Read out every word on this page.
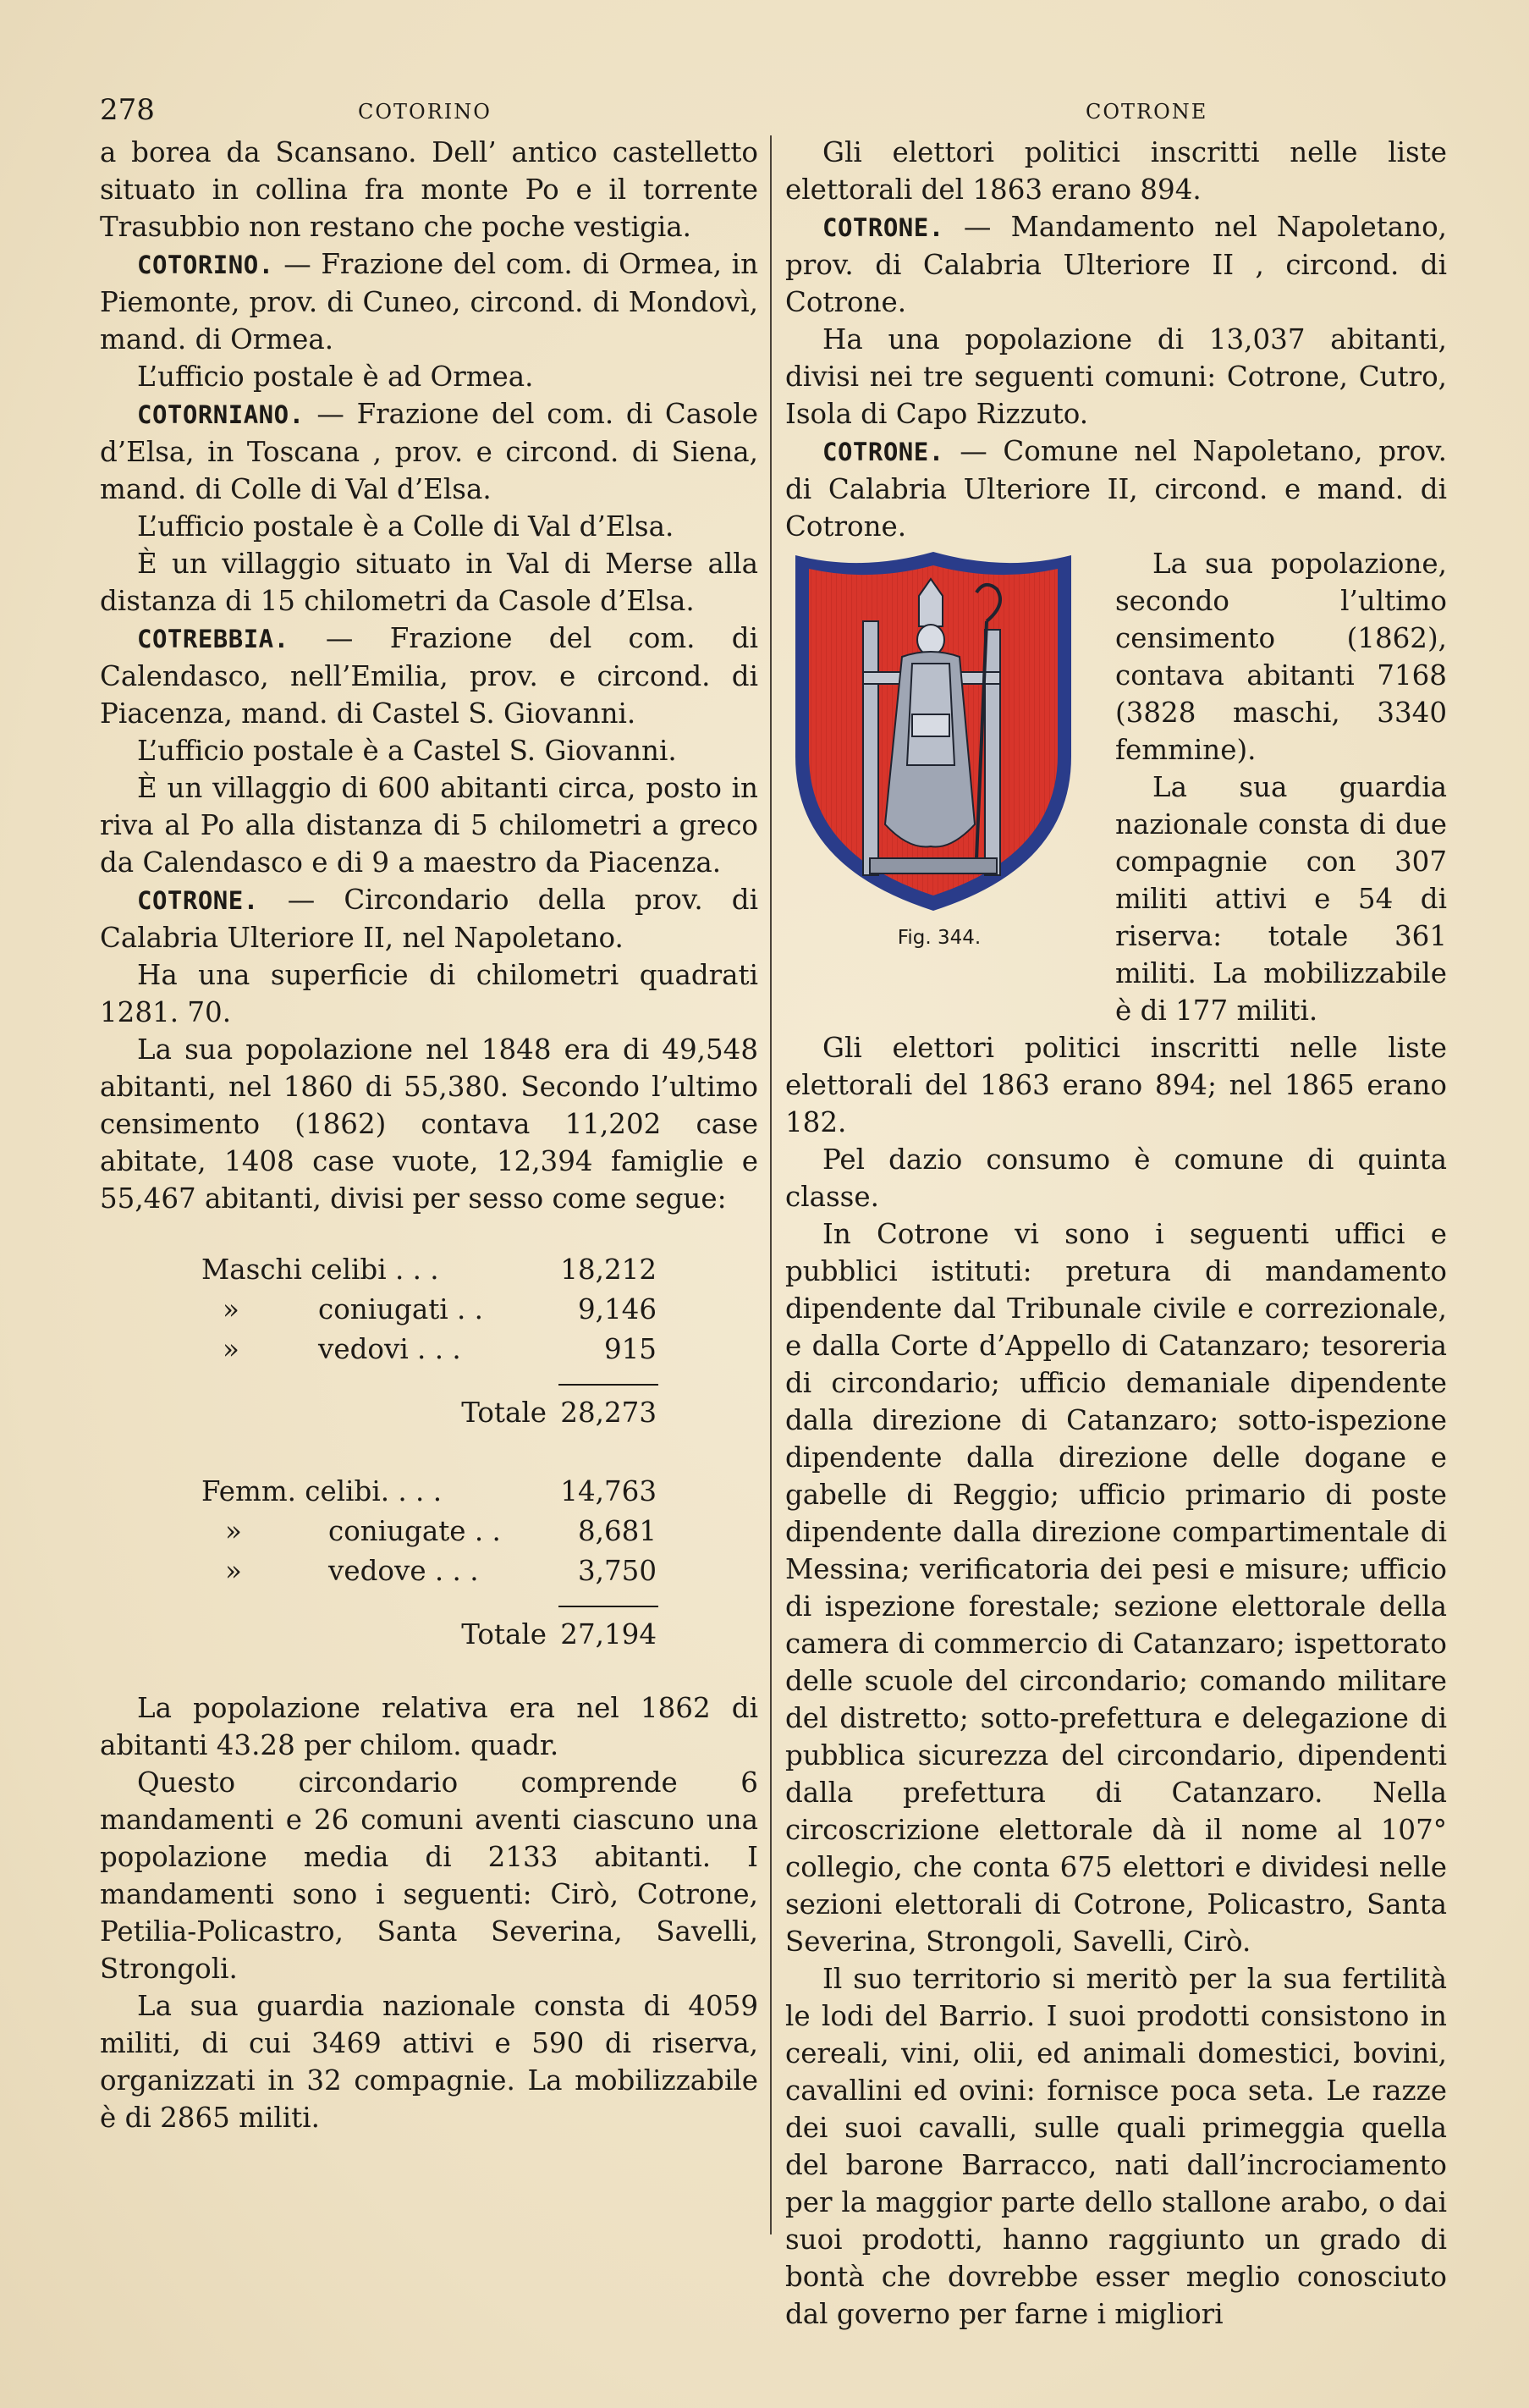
278	COTORINO	COTRONE

a borea da Scansano. Dell’ antico castelletto situato in collina fra monte Po e il torrente Trasubbio non restano che poche vestigia.

COTORINO. — Frazione del com. di Ormea, in Piemonte, prov. di Cuneo, circond. di Mondovì, mand. di Ormea.

L’ufficio postale è ad Ormea.

COTORNIANO. — Frazione del com. di Casole d’Elsa, in Toscana , prov. e circond. di Siena, mand. di Colle di Val d’Elsa.

L’ufficio postale è a Colle di Val d’Elsa.

È un villaggio situato in Val di Merse alla distanza di 15 chilometri da Casole d’Elsa.

COTREBBIA. — Frazione del com. di Calendasco, nell’Emilia, prov. e circond. di Piacenza, mand. di Castel S. Giovanni.

L’ufficio postale è a Castel S. Giovanni.

È un villaggio di 600 abitanti circa, posto in riva al Po alla distanza di 5 chilometri a greco da Calendasco e di 9 a maestro da Piacenza.

COTRONE. — Circondario della prov. di Calabria Ulteriore II, nel Napoletano.

Ha una superficie di chilometri quadrati 1281. 70.

La sua popolazione nel 1848 era di 49,548 abitanti, nel 1860 di 55,380. Secondo l’ultimo censimento (1862) contava 11,202 case abitate, 1408 case vuote, 12,394 famiglie e 55,467 abitanti, divisi per sesso come segue:

Maschi celibi . . .	18,212
»	coniugati . .	9,146
»	vedovi . . .	915
Totale 28,273
Femm. celibi. . . .	14,763
»	coniugate . .	8,681
»	vedove . . .	3,750
Totale 27,194

La popolazione relativa era nel 1862 di abitanti 43.28 per chilom. quadr.

Questo circondario comprende 6 mandamenti e 26 comuni aventi ciascuno una popolazione media di 2133 abitanti. I mandamenti sono i seguenti: Cirò, Cotrone, Petilia-Policastro, Santa Severina, Savelli, Strongoli.

La sua guardia nazionale consta di 4059 militi, di cui 3469 attivi e 590 di riserva, organizzati in 32 compagnie. La mobilizzabile è di 2865 militi.

Gli elettori politici inscritti nelle liste elettorali del 1863 erano 894.

COTRONE. — Mandamento nel Napoletano, prov. di Calabria Ulteriore II , circond. di Cotrone.

Ha una popolazione di 13,037 abitanti, divisi nei tre seguenti comuni: Cotrone, Cutro, Isola di Capo Rizzuto.

COTRONE. — Comune nel Napoletano, prov. di Calabria Ulteriore II, circond. e mand. di Cotrone.

Fig. 344.

La sua popolazione, secondo l’ultimo censimento (1862), contava abitanti 7168 (3828 maschi, 3340 femmine).

La sua guardia nazionale consta di due compagnie con 307 militi attivi e 54 di riserva: totale 361 militi. La mobilizzabile è di 177 militi.

Gli elettori politici inscritti nelle liste elettorali del 1863 erano 894; nel 1865 erano 182.

Pel dazio consumo è comune di quinta classe.

In Cotrone vi sono i seguenti uffici e pubblici istituti: pretura di mandamento dipendente dal Tribunale civile e correzionale, e dalla Corte d’Appello di Catanzaro; tesoreria di circondario; ufficio demaniale dipendente dalla direzione di Catanzaro; sotto-ispezione dipendente dalla direzione delle dogane e gabelle di Reggio; ufficio primario di poste dipendente dalla direzione compartimentale di Messina; verificatoria dei pesi e misure; ufficio di ispezione forestale; sezione elettorale della camera di commercio di Catanzaro; ispettorato delle scuole del circondario; comando militare del distretto; sotto-prefettura e delegazione di pubblica sicurezza del circondario, dipendenti dalla prefettura di Catanzaro. Nella circoscrizione elettorale dà il nome al 107° collegio, che conta 675 elettori e dividesi nelle sezioni elettorali di Cotrone, Policastro, Santa Severina, Strongoli, Savelli, Cirò.

Il suo territorio si meritò per la sua fertilità le lodi del Barrio. I suoi prodotti consistono in cereali, vini, olii, ed animali domestici, bovini, cavallini ed ovini: fornisce poca seta. Le razze dei suoi cavalli, sulle quali primeggia quella del barone Barracco, nati dall’incrociamento per la maggior parte dello stallone arabo, o dai suoi prodotti, hanno raggiunto un grado di bontà che dovrebbe esser meglio conosciuto dal governo per farne i migliori
